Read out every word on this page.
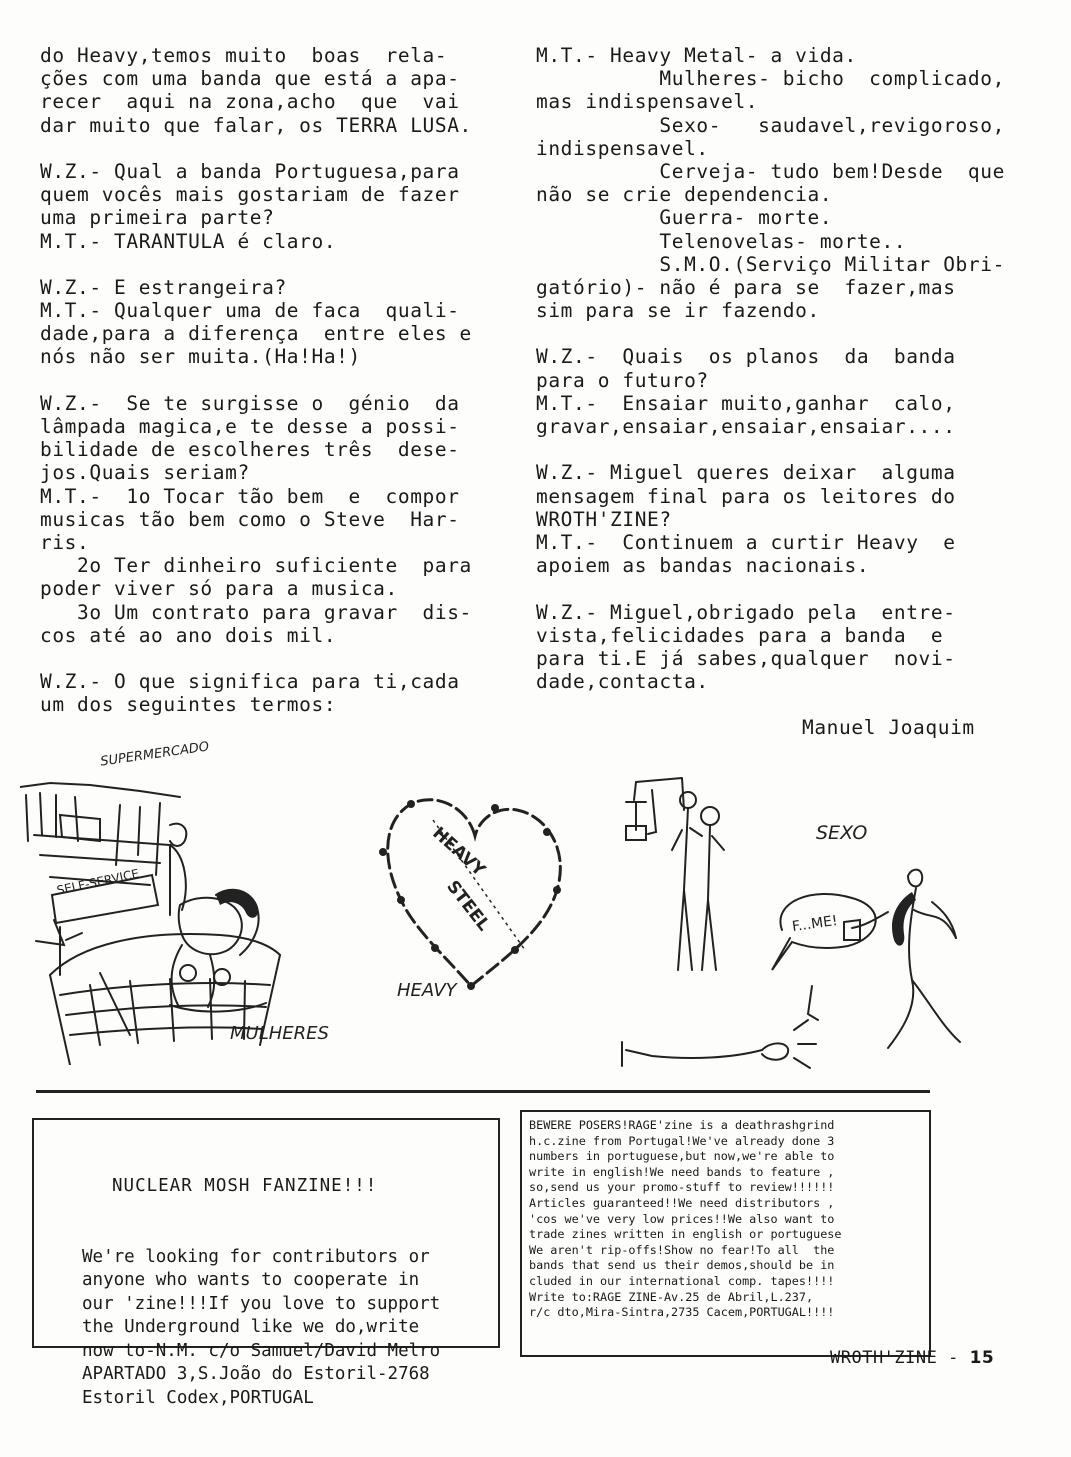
do Heavy,temos muito  boas  rela-
ções com uma banda que está a apa-
recer  aqui na zona,acho  que  vai
dar muito que falar, os TERRA LUSA.
W.Z.- Qual a banda Portuguesa,para
quem vocês mais gostariam de fazer
uma primeira parte?
M.T.- TARANTULA é claro.
W.Z.- E estrangeira?
M.T.- Qualquer uma de faca  quali-
dade,para a diferença  entre eles e
nós não ser muita.(Ha!Ha!)
W.Z.-  Se te surgisse o  génio  da
lâmpada magica,e te desse a possi-
bilidade de escolheres três  dese-
jos.Quais seriam?
M.T.-  1o Tocar tão bem  e  compor
musicas tão bem como o Steve  Har-
ris.
2o Ter dinheiro suficiente  para
poder viver só para a musica.
3o Um contrato para gravar  dis-
cos até ao ano dois mil.
W.Z.- O que significa para ti,cada
um dos seguintes termos:
M.T.- Heavy Metal- a vida.
Mulheres- bicho  complicado,
mas indispensavel.
Sexo-   saudavel,revigoroso,
indispensavel.
Cerveja- tudo bem!Desde  que
não se crie dependencia.
Guerra- morte.
Telenovelas- morte..
S.M.O.(Serviço Militar Obri-
gatório)- não é para se  fazer,mas
sim para se ir fazendo.
W.Z.-  Quais  os planos  da  banda
para o futuro?
M.T.-  Ensaiar muito,ganhar  calo,
gravar,ensaiar,ensaiar,ensaiar....
W.Z.- Miguel queres deixar  alguma
mensagem final para os leitores do
WROTH'ZINE?
M.T.-  Continuem a curtir Heavy  e
apoiem as bandas nacionais.
W.Z.- Miguel,obrigado pela  entre-
vista,felicidades para a banda  e
para ti.E já sabes,qualquer  novi-
dade,contacta.
Manuel Joaquim
SUPERMERCADO
SELF-SERVICE
MULHERES
HEAVY
STEEL
HEAVY
SEXO
F...ME!

NUCLEAR MOSH FANZINE!!!

We're looking for contributors or
anyone who wants to cooperate in
our 'zine!!!If you love to support
the Underground like we do,write
now to-N.M. c/o Samuel/David Melro
APARTADO 3,S.João do Estoril-2768
Estoril Codex,PORTUGAL

BEWERE POSERS!RAGE'zine is a deathrashgrind
h.c.zine from Portugal!We've already done 3
numbers in portuguese,but now,we're able to
write in english!We need bands to feature ,
so,send us your promo-stuff to review!!!!!!
Articles guaranteed!!We need distributors ,
'cos we've very low prices!!We also want to
trade zines written in english or portuguese
We aren't rip-offs!Show no fear!To all  the
bands that send us their demos,should be in
cluded in our international comp. tapes!!!!
Write to:RAGE ZINE-Av.25 de Abril,L.237,
r/c dto,Mira-Sintra,2735 Cacem,PORTUGAL!!!!
WROTH'ZINE - 15
